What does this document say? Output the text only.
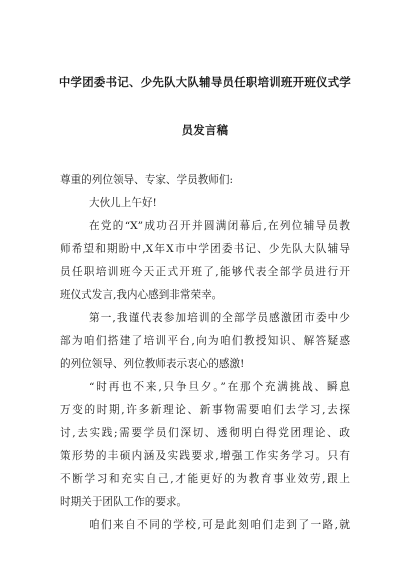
中学团委书记、少先队大队辅导员任职培训班开班仪式学
员发言稿
尊重的列位领导、专家、学员教师们:
大伙儿上午好!
在党的“X”成功召开并圆满闭幕后,在列位辅导员教
师希望和期盼中,X年X市中学团委书记、少先队大队辅导
员任职培训班今天正式开班了,能够代表全部学员进行开
班仪式发言,我内心感到非常荣幸。
第一,我谨代表参加培训的全部学员感激团市委中少
部为咱们搭建了培训平台,向为咱们教授知识、解答疑惑
的列位领导、列位教师表示衷心的感激!
“时再也不来,只争旦夕。”在那个充满挑战、瞬息
万变的时期,许多新理论、新事物需要咱们去学习,去探
讨,去实践;需要学员们深切、透彻明白得党团理论、政
策形势的丰硕内涵及实践要求,增强工作实务学习。只有
不断学习和充实自己,才能更好的为教育事业效劳,跟上
时期关于团队工作的要求。
咱们来自不同的学校,可是此刻咱们走到了一路,就
